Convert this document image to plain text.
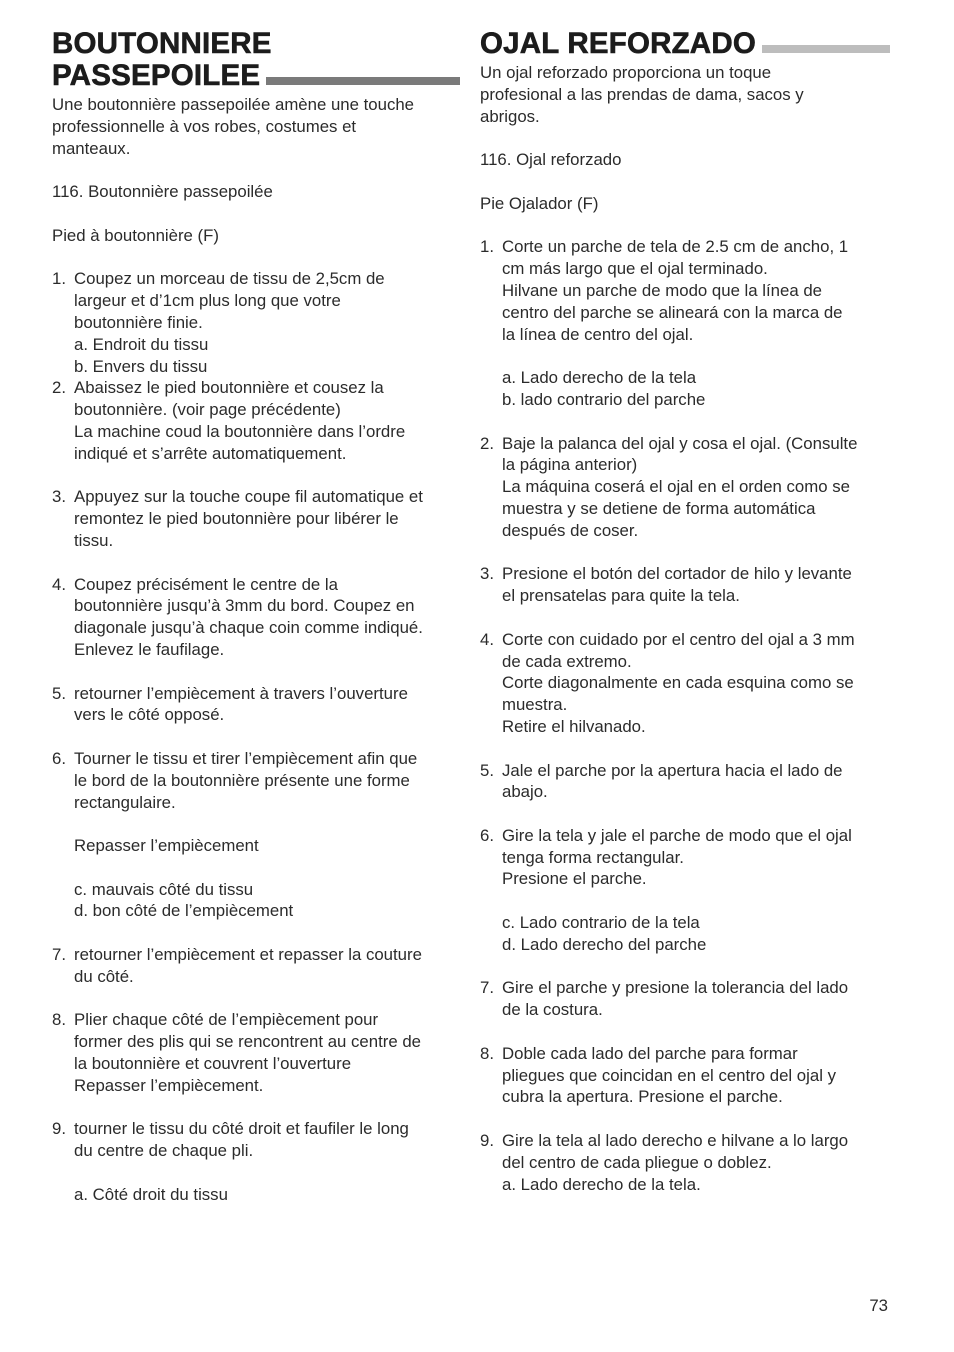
BOUTONNIERE
PASSEPOILEE

Une boutonnière passepoilée amène une touche
professionnelle à vos robes, costumes et
manteaux.

116. Boutonnière passepoilée

Pied à boutonnière (F)

1. Coupez un morceau de tissu de 2,5cm de
largeur et d’1cm plus long que votre
boutonnière finie.
a. Endroit du tissu
b. Envers du tissu
2. Abaissez le pied boutonnière et cousez la
boutonnière. (voir page précédente)
La machine coud la boutonnière dans l’ordre
indiqué et s’arrête automatiquement.
3. Appuyez sur la touche coupe fil automatique et
remontez le pied boutonnière pour libérer le
tissu.
4. Coupez précisément le centre de la
boutonnière jusqu’à 3mm du bord. Coupez en
diagonale jusqu’à chaque coin comme indiqué.
Enlevez le faufilage.
5. retourner l’empiècement à travers l’ouverture
vers le côté opposé.
6. Tourner le tissu et tirer l’empiècement afin que
le bord de la boutonnière présente une forme
rectangulaire.

Repasser l’empiècement

c. mauvais côté du tissu
d. bon côté de l’empiècement

7. retourner l’empiècement et repasser la couture
du côté.
8. Plier chaque côté de l’empiècement pour
former des plis qui se rencontrent au centre de
la boutonnière et couvrent l’ouverture
Repasser l’empiècement.
9. tourner le tissu du côté droit et faufiler le long
du centre de chaque pli.

a. Côté droit du tissu

OJAL REFORZADO

Un ojal reforzado proporciona un toque
profesional a las prendas de dama, sacos y
abrigos.

116. Ojal reforzado

Pie Ojalador (F)

1. Corte un parche de tela de 2.5 cm de ancho, 1
cm más largo que el ojal terminado.
Hilvane un parche de modo que la línea de
centro del parche se alineará con la marca de
la línea de centro del ojal.

a. Lado derecho de la tela
b. lado contrario del parche

2. Baje la palanca del ojal y cosa el ojal. (Consulte
la página anterior)
La máquina coserá el ojal en el orden como se
muestra y se detiene de forma automática
después de coser.
3. Presione el botón del cortador de hilo y levante
el prensatelas para quite la tela.
4. Corte con cuidado por el centro del ojal a 3 mm
de cada extremo.
Corte diagonalmente en cada esquina como se
muestra.
Retire el hilvanado.
5. Jale el parche por la apertura hacia el lado de
abajo.
6. Gire la tela y jale el parche de modo que el ojal
tenga forma rectangular.
Presione el parche.

c. Lado contrario de la tela
d. Lado derecho del parche

7. Gire el parche y presione la tolerancia del lado
de la costura.
8. Doble cada lado del parche para formar
pliegues que coincidan en el centro del ojal y
cubra la apertura. Presione el parche.
9. Gire la tela al lado derecho e hilvane a lo largo
del centro de cada pliegue o doblez.
a. Lado derecho de la tela.
73
